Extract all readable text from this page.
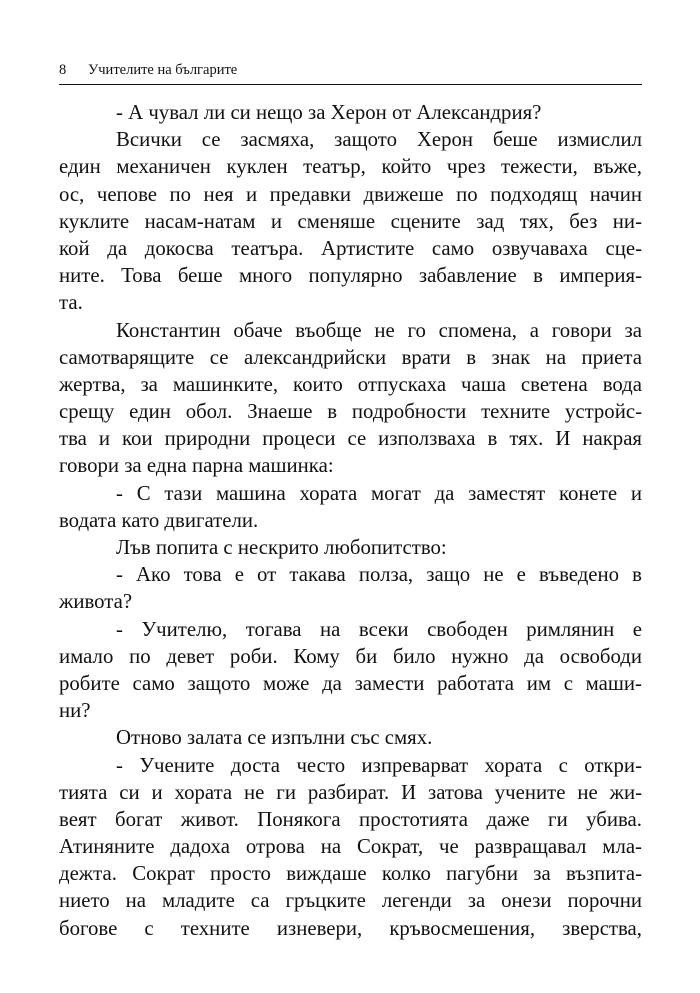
8 Учителите на българите
- А чувал ли си нещо за Херон от Александрия?
Всички се засмяха, защото Херон беше измислил
един механичен куклен театър, който чрез тежести, въже,
ос, чепове по нея и предавки движеше по подходящ начин
куклите насам-натам и сменяше сцените зад тях, без ни-
кой да докосва театъра. Артистите само озвучаваха сце-
ните. Това беше много популярно забавление в империя-
та.
Константин обаче въобще не го спомена, а говори за
самотварящите се александрийски врати в знак на приета
жертва, за машинките, които отпускаха чаша светена вода
срещу един обол. Знаеше в подробности техните устройс-
тва и кои природни процеси се използваха в тях. И накрая
говори за една парна машинка:
- С тази машина хората могат да заместят конете и
водата като двигатели.
Лъв попита с нескрито любопитство:
- Ако това е от такава полза, защо не е въведено в
живота?
- Учителю, тогава на всеки свободен римлянин е
имало по девет роби. Кому би било нужно да освободи
робите само защото може да замести работата им с маши-
ни?
Отново залата се изпълни със смях.
- Учените доста често изпреварват хората с откри-
тията си и хората не ги разбират. И затова учените не жи-
веят богат живот. Понякога простотията даже ги убива.
Атиняните дадоха отрова на Сократ, че развращавал мла-
дежта. Сократ просто виждаше колко пагубни за възпита-
нието на младите са гръцките легенди за онези порочни
богове с техните изневери, кръвосмешения, зверства,
